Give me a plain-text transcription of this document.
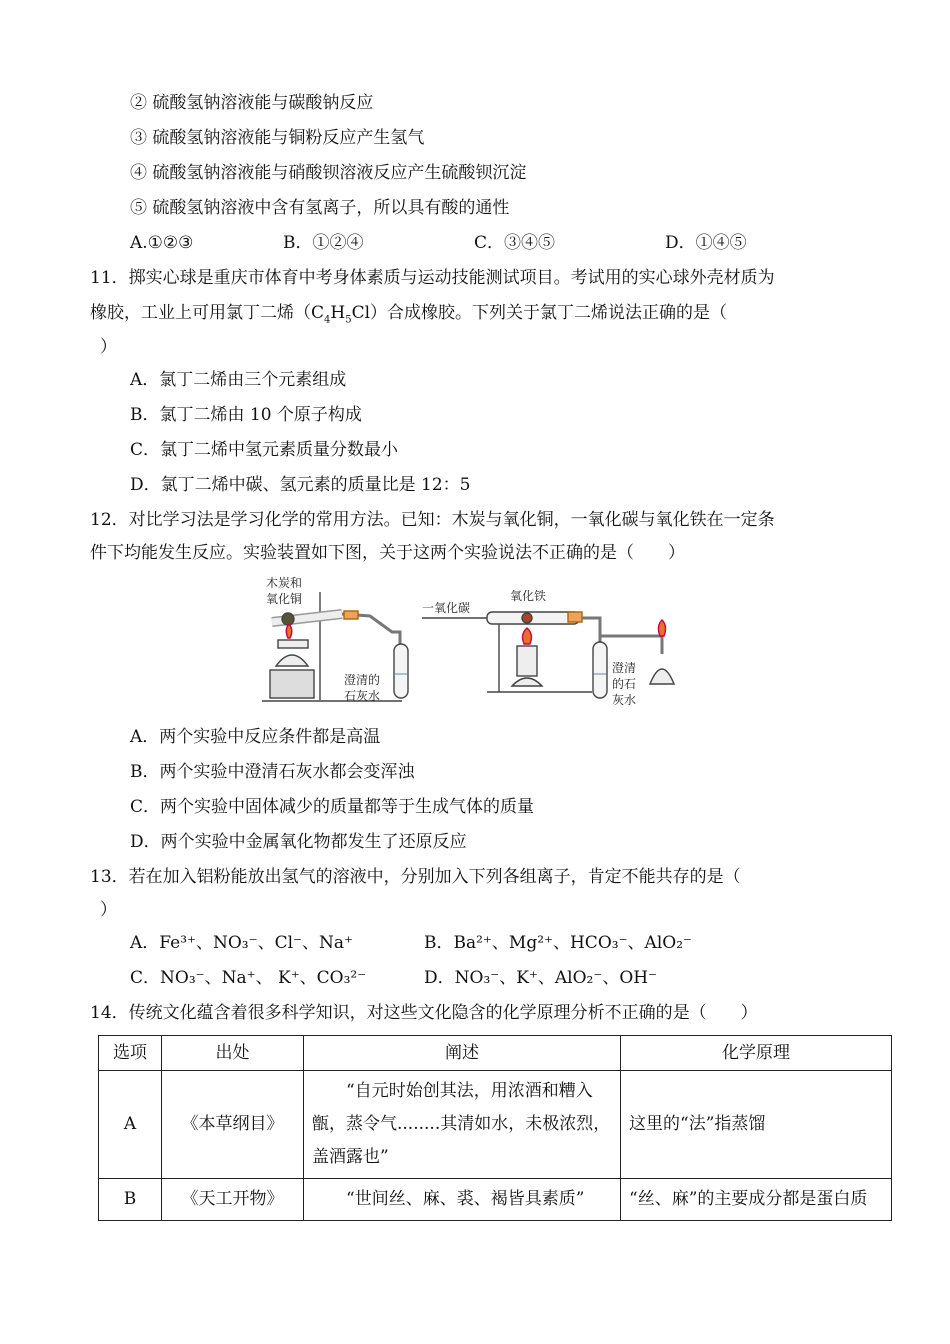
② 硫酸氢钠溶液能与碳酸钠反应
③ 硫酸氢钠溶液能与铜粉反应产生氢气
④ 硫酸氢钠溶液能与硝酸钡溶液反应产生硫酸钡沉淀
⑤ 硫酸氢钠溶液中含有氢离子，所以具有酸的通性
A.①②③	B．①②④	C．③④⑤	D．①④⑤
11．掷实心球是重庆市体育中考身体素质与运动技能测试项目。考试用的实心球外壳材质为
橡胶，工业上可用氯丁二烯$(C_4H_5Cl)$合成橡胶。下列关于氯丁二烯说法正确的是（
）
A．氯丁二烯由三个元素组成
B．氯丁二烯由 10 个原子构成
C．氯丁二烯中氢元素质量分数最小
D．氯丁二烯中碳、氢元素的质量比是 12：5
12．对比学习法是学习化学的常用方法。已知：木炭与氧化铜，一氧化碳与氧化铁在一定条
件下均能发生反应。实验装置如下图，关于这两个实验说法不正确的是（　　）
木炭和
氧化铜
澄清的
石灰水
一氧化碳
氧化铁
澄清
的石
灰水
A．两个实验中反应条件都是高温
B．两个实验中澄清石灰水都会变浑浊
C．两个实验中固体减少的质量都等于生成气体的质量
D．两个实验中金属氧化物都发生了还原反应
13．若在加入铝粉能放出氢气的溶液中，分别加入下列各组离子，肯定不能共存的是（
）
A．Fe³⁺、NO₃⁻、Cl⁻、Na⁺	B．Ba²⁺、Mg²⁺、HCO₃⁻、AlO₂⁻
C．NO₃⁻、Na⁺、 K⁺、CO₃²⁻	D．NO₃⁻、K⁺、AlO₂⁻、OH⁻
14．传统文化蕴含着很多科学知识，对这些文化隐含的化学原理分析不正确的是（　　）
选项	出处	阐述	化学原理
A	《本草纲目》	“自元时始创其法，用浓酒和糟入甑，蒸令气........其清如水，未极浓烈，盖酒露也”	这里的“法”指蒸馏
B	《天工开物》	“世间丝、麻、裘、褐皆具素质”	“丝、麻”的主要成分都是蛋白质
